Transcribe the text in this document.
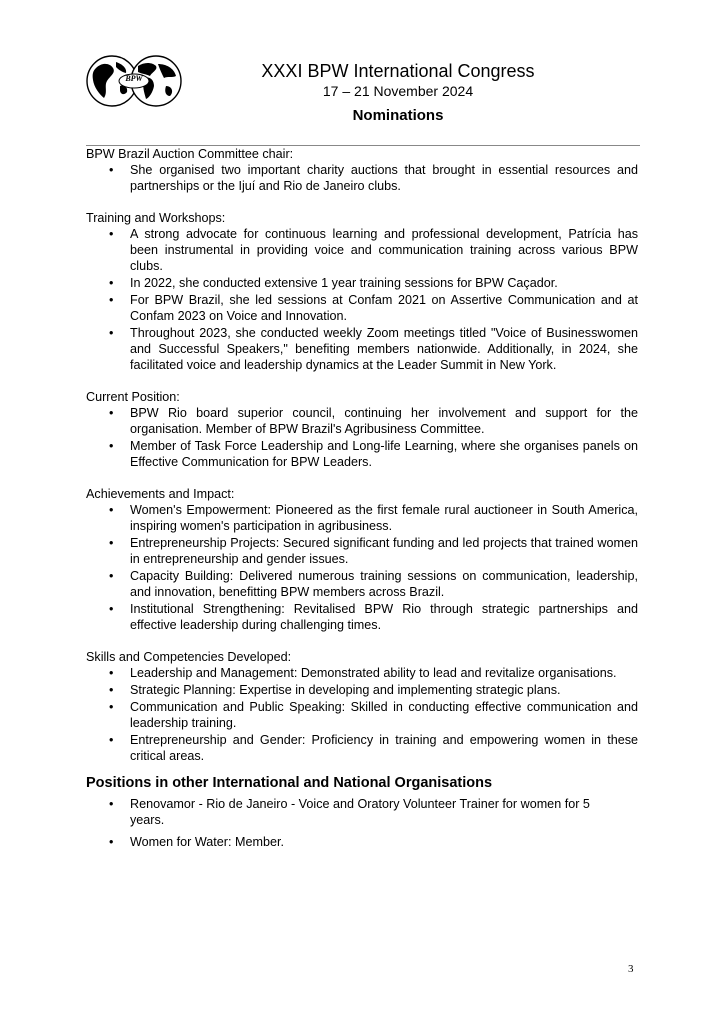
BPW	XXXI BPW International Congress
17 – 21 November 2024
Nominations

BPW Brazil Auction Committee chair:

• She organised two important charity auctions that brought in essential resources and partnerships or the Ijuí and Rio de Janeiro clubs.

Training and Workshops:

• A strong advocate for continuous learning and professional development, Patrícia has been instrumental in providing voice and communication training across various BPW clubs.
• In 2022, she conducted extensive 1 year training sessions for BPW Caçador.
• For BPW Brazil, she led sessions at Confam 2021 on Assertive Communication and at Confam 2023 on Voice and Innovation.
• Throughout 2023, she conducted weekly Zoom meetings titled "Voice of Businesswomen and Successful Speakers," benefiting members nationwide. Additionally, in 2024, she facilitated voice and leadership dynamics at the Leader Summit in New York.

Current Position:

• BPW Rio board superior council, continuing her involvement and support for the organisation. Member of BPW Brazil's Agribusiness Committee.
• Member of Task Force Leadership and Long-life Learning, where she organises panels on Effective Communication for BPW Leaders.

Achievements and Impact:

• Women's Empowerment: Pioneered as the first female rural auctioneer in South America, inspiring women's participation in agribusiness.
• Entrepreneurship Projects: Secured significant funding and led projects that trained women in entrepreneurship and gender issues.
• Capacity Building: Delivered numerous training sessions on communication, leadership, and innovation, benefitting BPW members across Brazil.
• Institutional Strengthening: Revitalised BPW Rio through strategic partnerships and effective leadership during challenging times.

Skills and Competencies Developed:

• Leadership and Management: Demonstrated ability to lead and revitalize organisations.
• Strategic Planning: Expertise in developing and implementing strategic plans.
• Communication and Public Speaking: Skilled in conducting effective communication and leadership training.
• Entrepreneurship and Gender: Proficiency in training and empowering women in these critical areas.

Positions in other International and National Organisations

• Renovamor - Rio de Janeiro - Voice and Oratory Volunteer Trainer for women for 5 years.
• Women for Water: Member.
3
